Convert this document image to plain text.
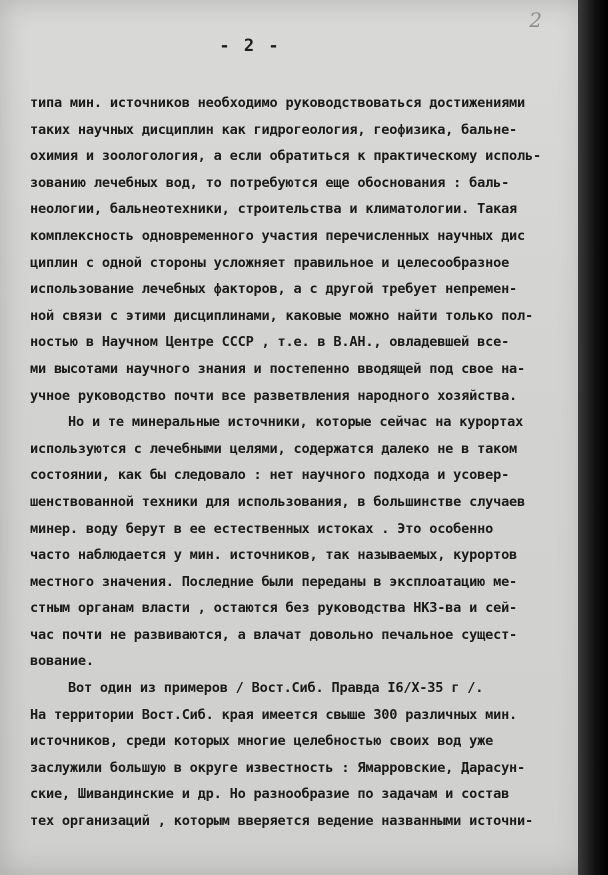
2
- 2 -
типа мин. источников необходимо руководствоваться достижениями
таких научных дисциплин как гидрогеология, геофизика, бальне-
охимия и зоологология, а если обратиться к практическому исполь-
зованию лечебных вод, то потребуются еще обоснования : баль-
неологии, бальнеотехники, строительства и климатологии. Такая
комплексность одновременного участия перечисленных научных дис
циплин с одной стороны усложняет правильное и целесообразное
использование лечебных факторов, а с другой требует непремен-
ной связи с этими дисциплинами, каковые можно найти только пол-
ностью в Научном Центре СССР , т.е. в В.АН., овладевшей все-
ми высотами научного знания и постепенно вводящей под свое на-
учное руководство почти все разветвления народного хозяйства.
Но и те минеральные источники, которые сейчас на курортах
используются с лечебными целями, содержатся далеко не в таком
состоянии, как бы следовало : нет научного подхода и усовер-
шенствованной техники для использования, в большинстве случаев
минер. воду берут в ее естественных истоках . Это особенно
часто наблюдается у мин. источников, так называемых, курортов
местного значения. Последние были переданы в эксплоатацию ме-
стным органам власти , остаются без руководства НКЗ-ва и сей-
час почти не развиваются, а влачат довольно печальное сущест-
вование.
Вот один из примеров / Вост.Сиб. Правда I6/X-35 г /.
На территории Вост.Сиб. края имеется свыше 300 различных мин.
источников, среди которых многие целебностью своих вод уже
заслужили большую в округе известность : Ямарровские, Дарасун-
ские, Шивандинские и др. Но разнообразие по задачам и состав
тех организаций , которым вверяется ведение названными источни-
